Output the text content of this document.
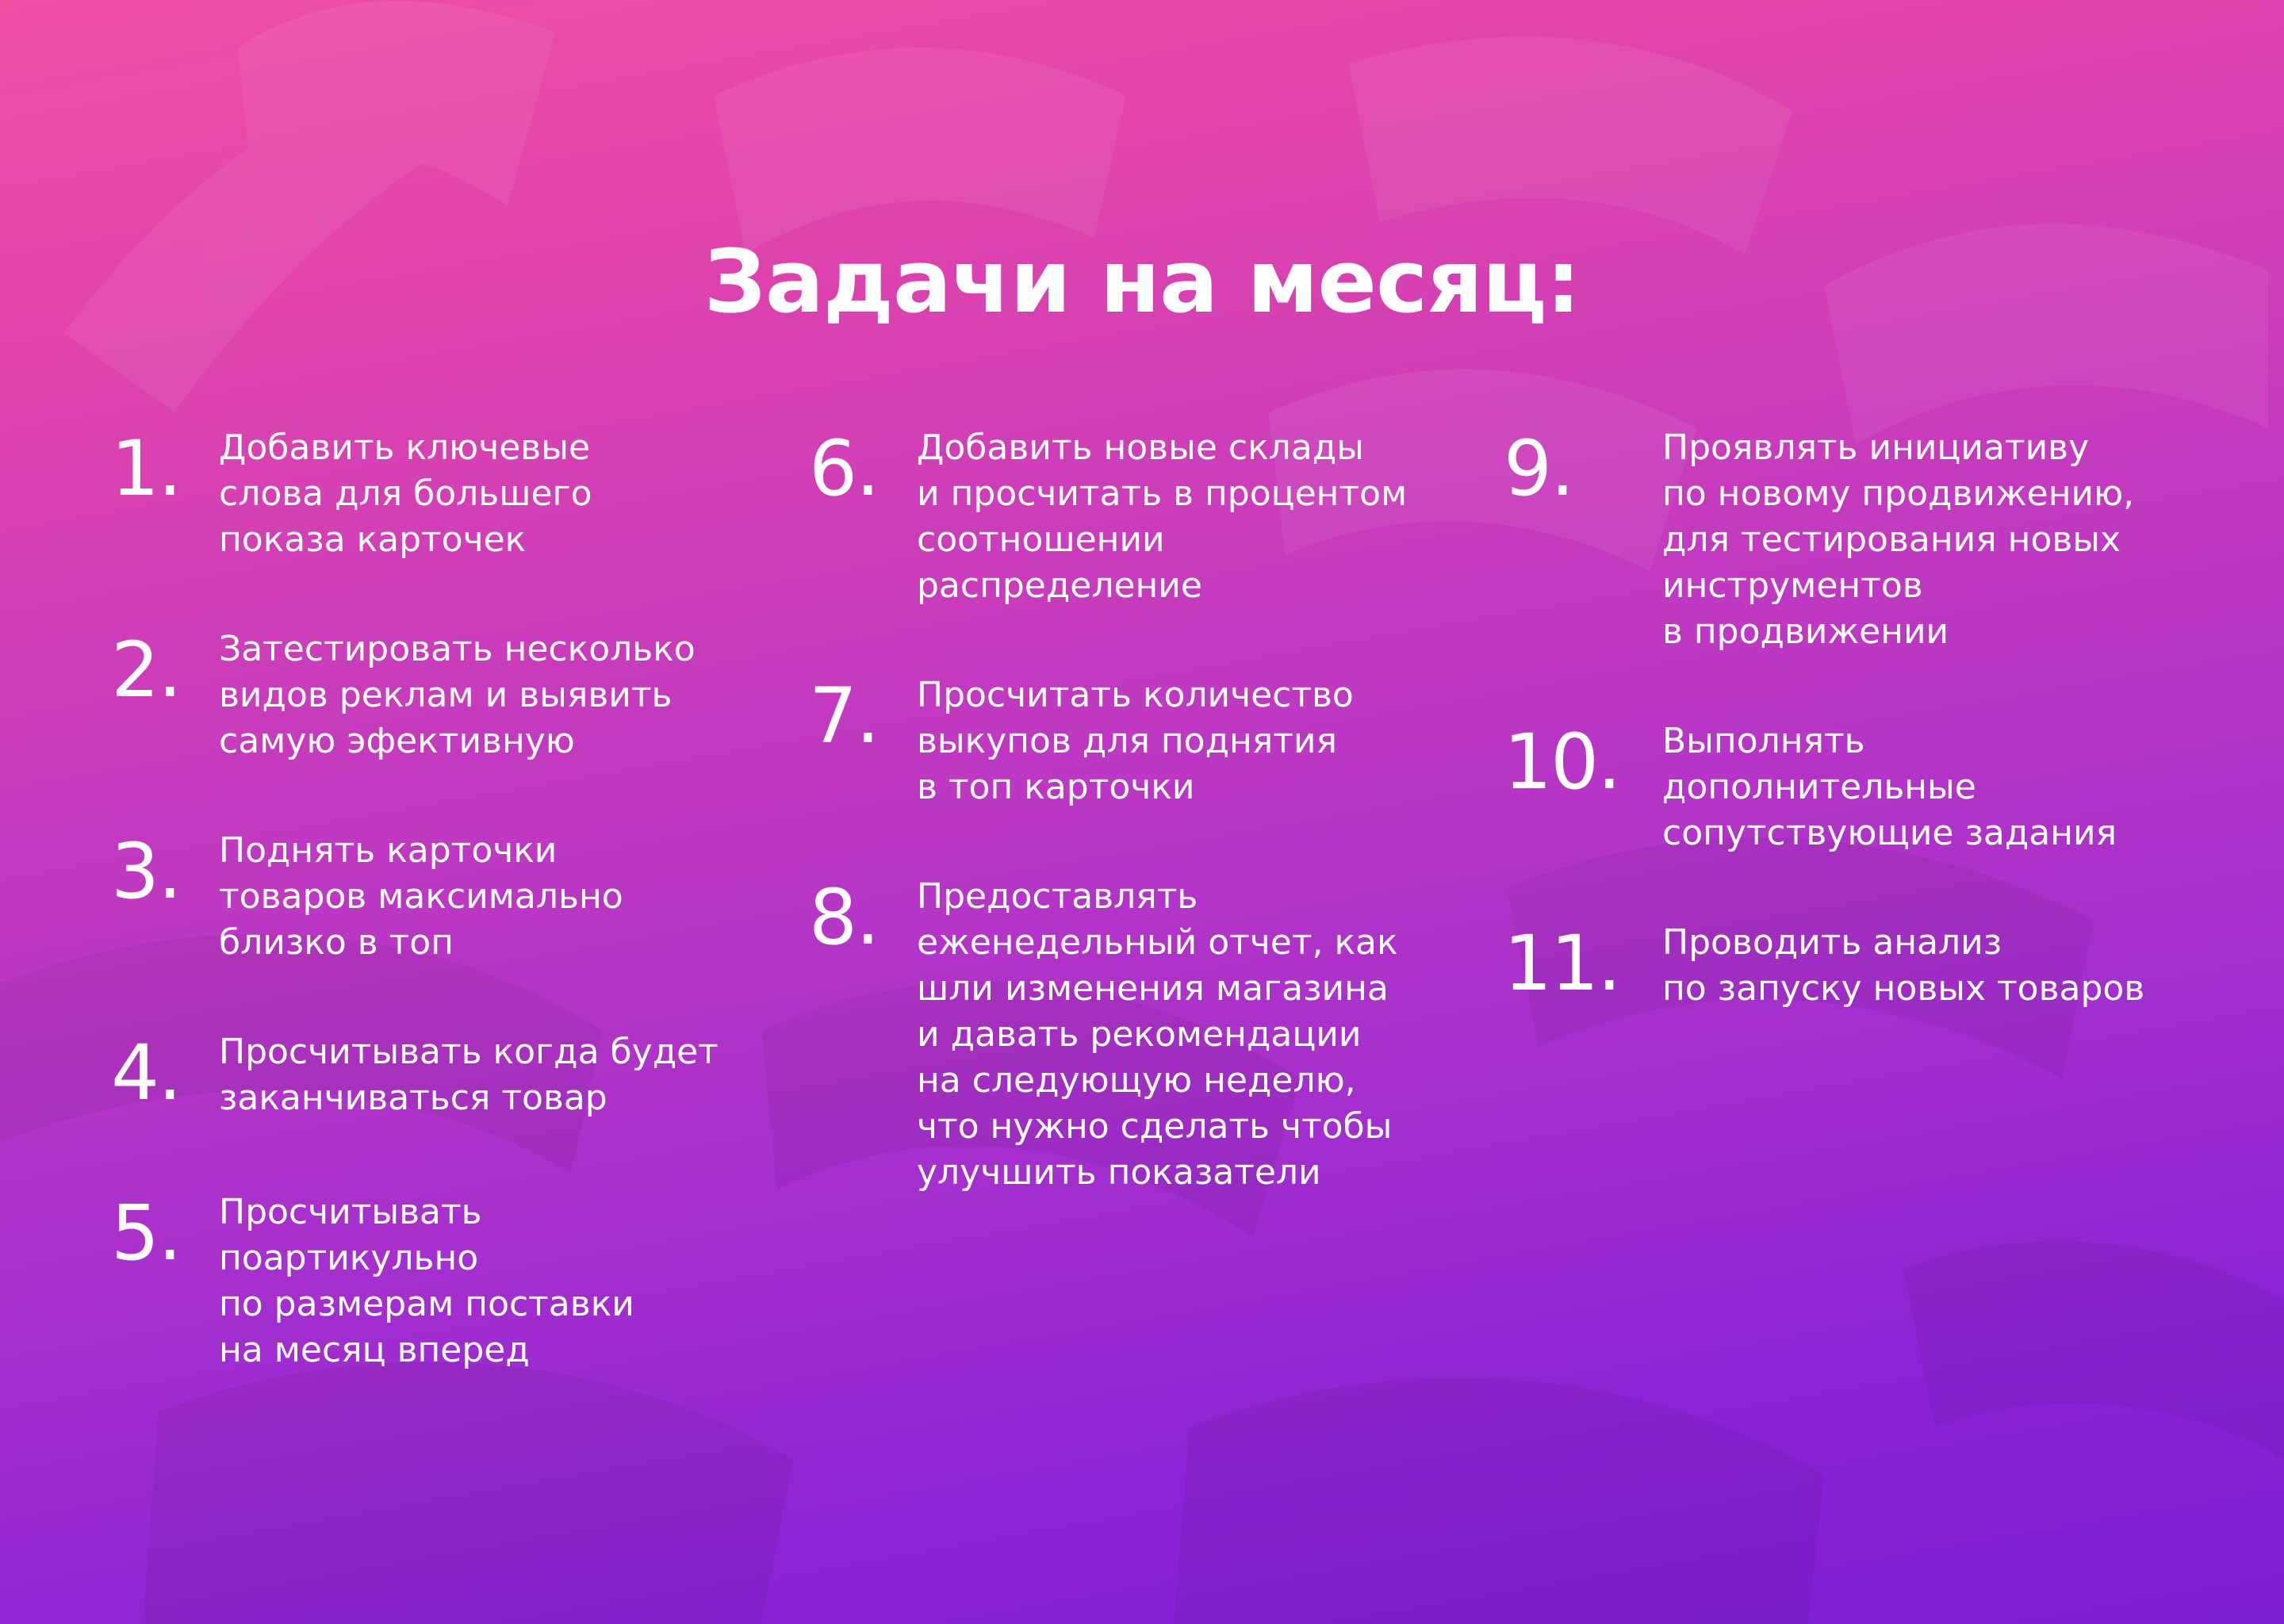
Задачи на месяц:
1. Добавить ключевые
слова для большего
показа карточек

2. Затестировать несколько
видов реклам и выявить
самую эфективную

3. Поднять карточки
товаров максимально
близко в топ

4. Просчитывать когда будет
заканчиваться товар

5. Просчитывать
поартикульно
по размерам поставки
на месяц вперед

6. Добавить новые склады
и просчитать в процентом
соотношении
распределение

7. Просчитать количество
выкупов для поднятия
в топ карточки

8. Предоставлять
еженедельный отчет, как
шли изменения магазина
и давать рекомендации
на следующую неделю,
что нужно сделать чтобы
улучшить показатели

9.	Проявлять инициативу
по новому продвижению,
для тестирования новых
инструментов
в продвижении

10. Выполнять
дополнительные
сопутствующие задания

11. Проводить анализ
по запуску новых товаров
